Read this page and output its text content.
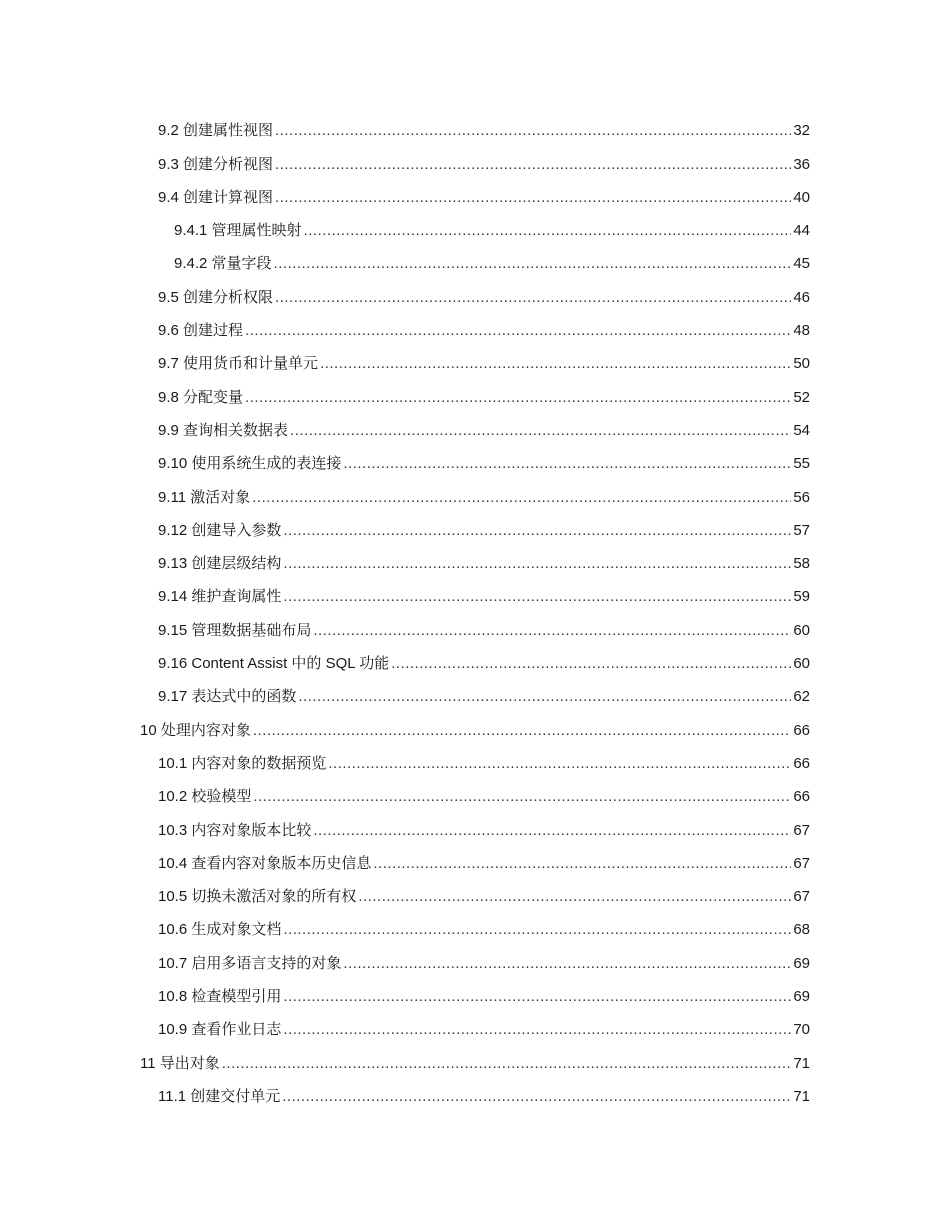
9.2 创建属性视图 .....	32
9.3 创建分析视图 .....	36
9.4 创建计算视图 .....	40
9.4.1 管理属性映射 .....	44
9.4.2 常量字段 .....	45
9.5 创建分析权限 .....	46
9.6 创建过程 .....	48
9.7 使用货币和计量单元 .....	50
9.8 分配变量 .....	52
9.9 查询相关数据表 .....	54
9.10 使用系统生成的表连接 .....	55
9.11 激活对象 .....	56
9.12 创建导入参数 .....	57
9.13 创建层级结构 .....	58
9.14 维护查询属性 .....	59
9.15 管理数据基础布局 .....	60
9.16 Content Assist 中的 SQL 功能 .....	60
9.17 表达式中的函数 .....	62
10 处理内容对象 .....	66
10.1 内容对象的数据预览 .....	66
10.2 校验模型 .....	66
10.3 内容对象版本比较 .....	67
10.4 查看内容对象版本历史信息 .....	67
10.5 切换未激活对象的所有权 .....	67
10.6 生成对象文档 .....	68
10.7 启用多语言支持的对象 .....	69
10.8 检查模型引用 .....	69
10.9 查看作业日志 .....	70
11 导出对象 .....	71
11.1 创建交付单元 .....	71
